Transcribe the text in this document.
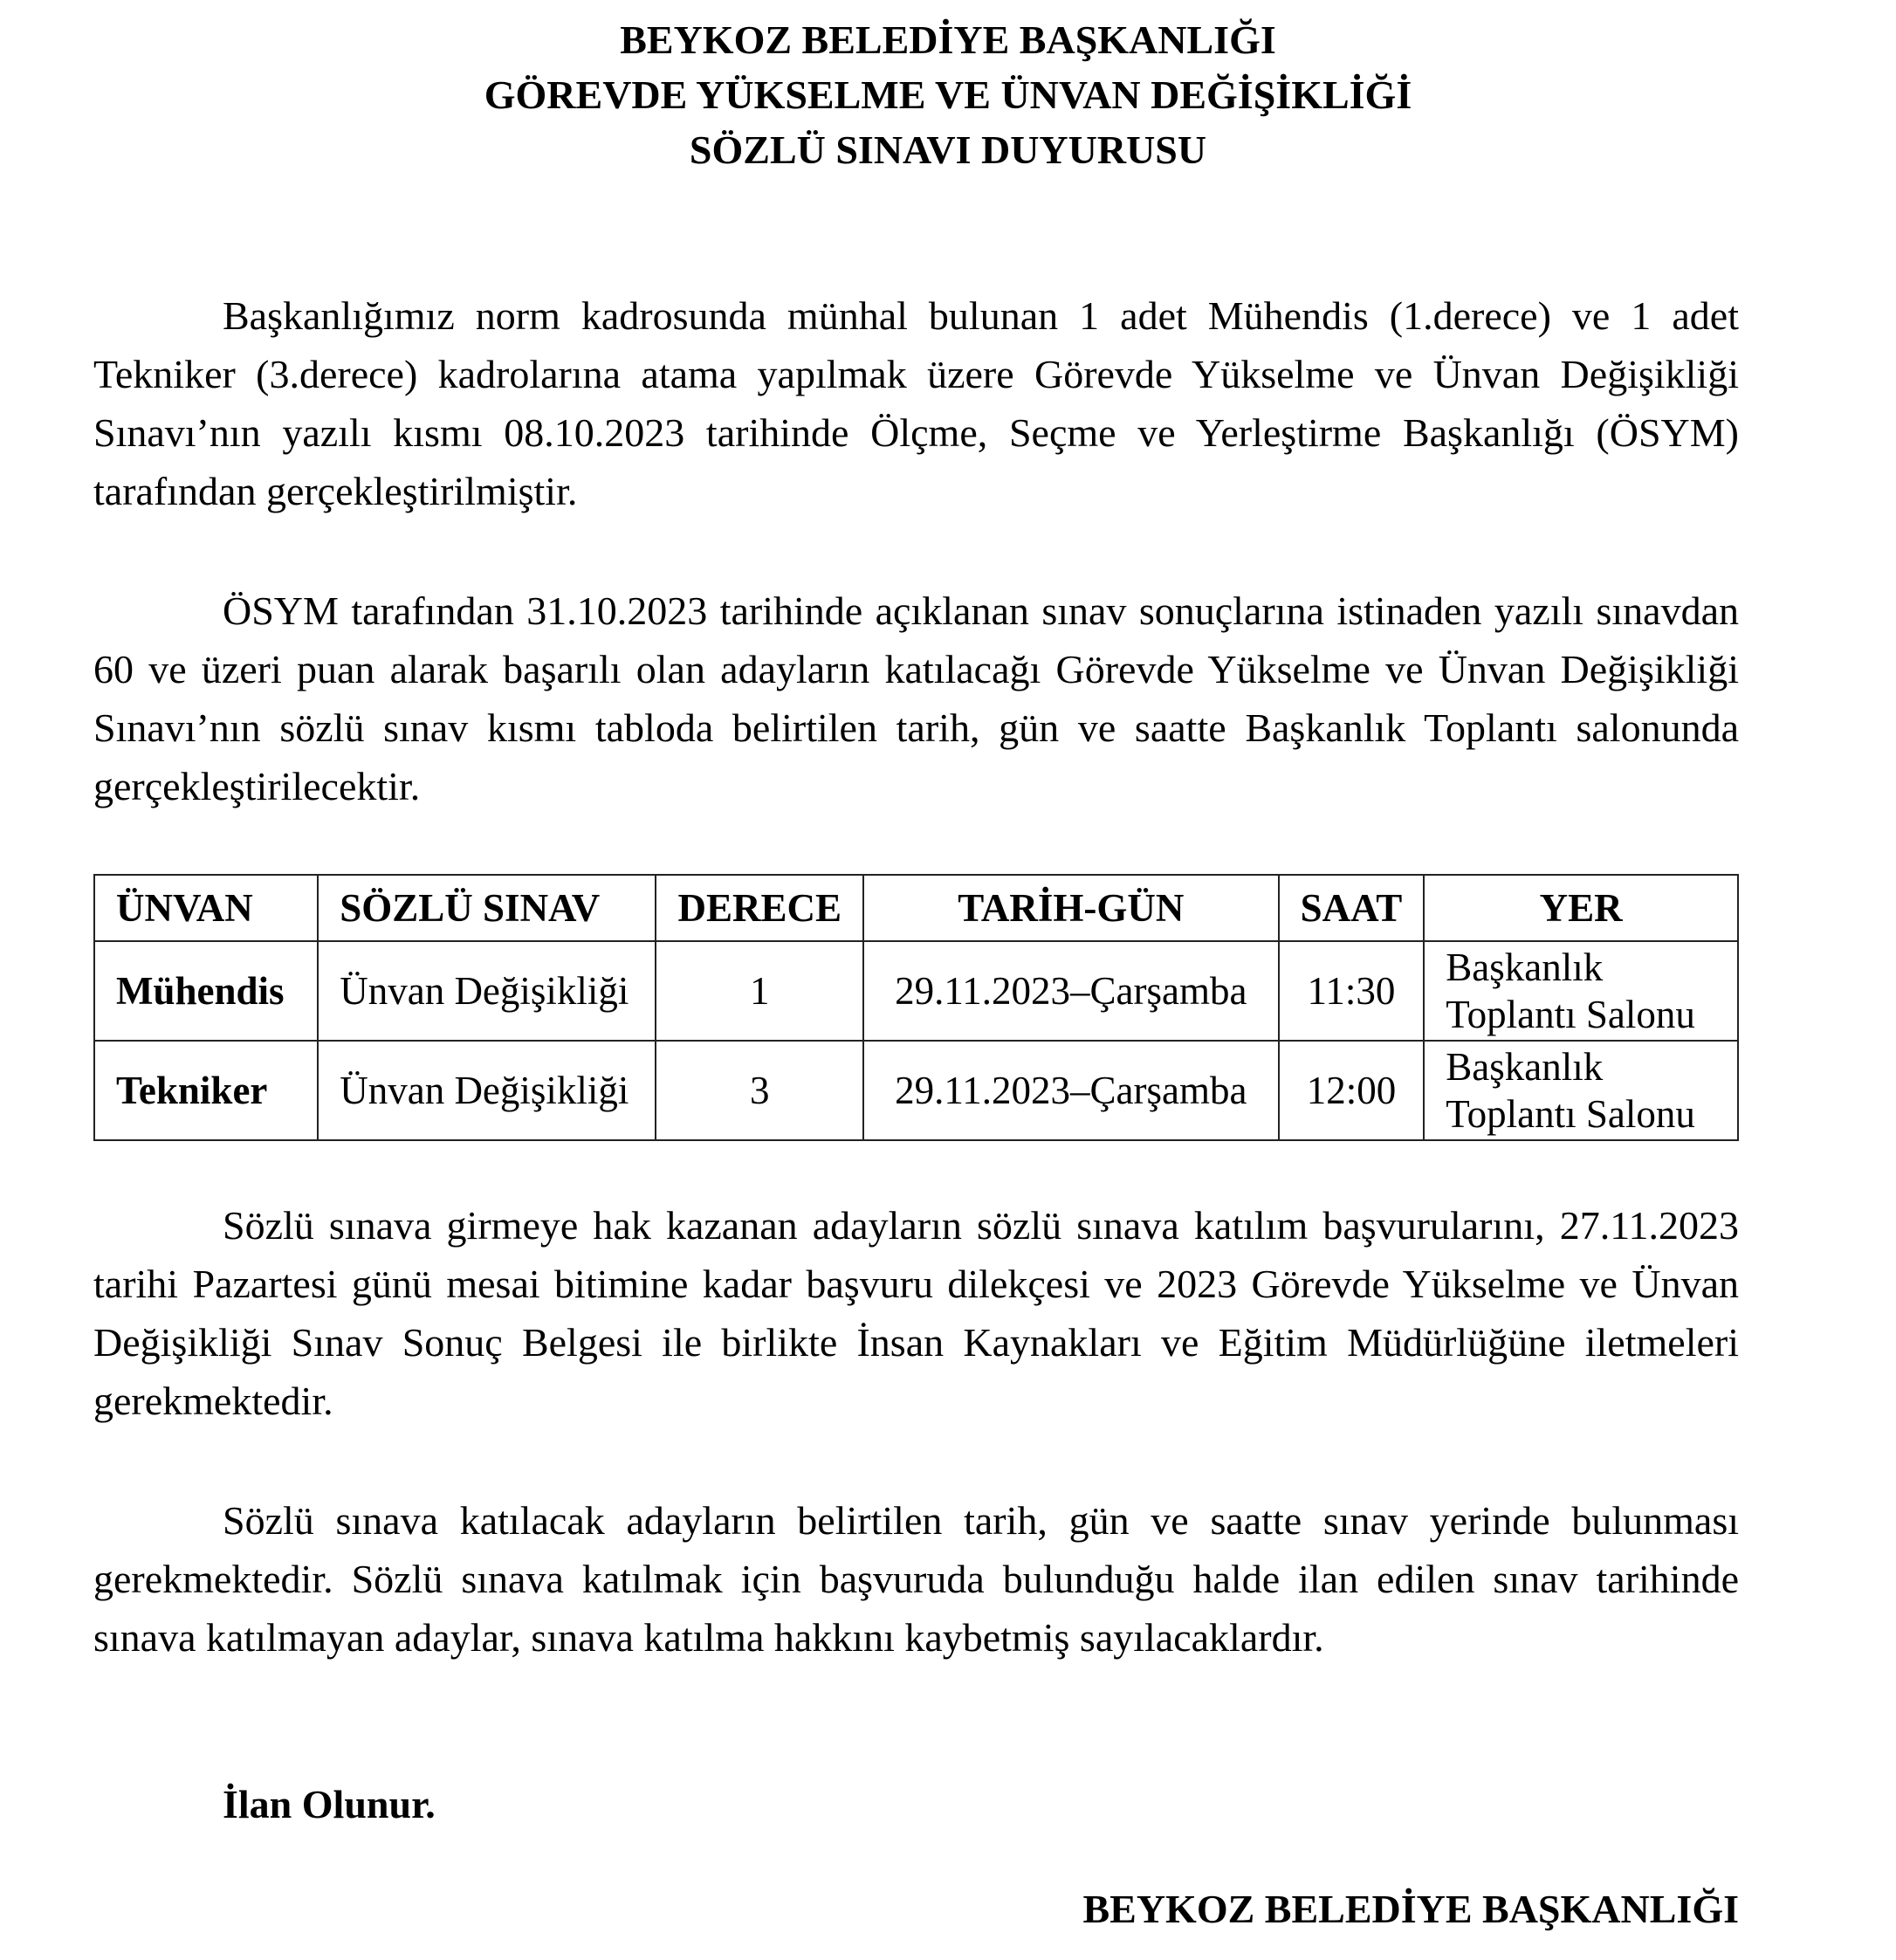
BEYKOZ BELEDİYE BAŞKANLIĞI
GÖREVDE YÜKSELME VE ÜNVAN DEĞİŞİKLİĞİ
SÖZLÜ SINAVI DUYURUSU
Başkanlığımız norm kadrosunda münhal bulunan 1 adet Mühendis (1.derece) ve 1 adet Tekniker (3.derece) kadrolarına atama yapılmak üzere Görevde Yükselme ve Ünvan Değişikliği Sınavı’nın yazılı kısmı 08.10.2023 tarihinde Ölçme, Seçme ve Yerleştirme Başkanlığı (ÖSYM) tarafından gerçekleştirilmiştir.
ÖSYM tarafından 31.10.2023 tarihinde açıklanan sınav sonuçlarına istinaden yazılı sınavdan 60 ve üzeri puan alarak başarılı olan adayların katılacağı Görevde Yükselme ve Ünvan Değişikliği Sınavı’nın sözlü sınav kısmı tabloda belirtilen tarih, gün ve saatte Başkanlık Toplantı salonunda gerçekleştirilecektir.
ÜNVAN	SÖZLÜ SINAV	DERECE	TARİH-GÜN	SAAT	YER
Mühendis	Ünvan Değişikliği	1	29.11.2023–Çarşamba	11:30	Başkanlık Toplantı Salonu
Tekniker	Ünvan Değişikliği	3	29.11.2023–Çarşamba	12:00	Başkanlık Toplantı Salonu
Sözlü sınava girmeye hak kazanan adayların sözlü sınava katılım başvurularını, 27.11.2023 tarihi Pazartesi günü mesai bitimine kadar başvuru dilekçesi ve 2023 Görevde Yükselme ve Ünvan Değişikliği Sınav Sonuç Belgesi ile birlikte İnsan Kaynakları ve Eğitim Müdürlüğüne iletmeleri gerekmektedir.
Sözlü sınava katılacak adayların belirtilen tarih, gün ve saatte sınav yerinde bulunması gerekmektedir. Sözlü sınava katılmak için başvuruda bulunduğu halde ilan edilen sınav tarihinde sınava katılmayan adaylar, sınava katılma hakkını kaybetmiş sayılacaklardır.
İlan Olunur.
BEYKOZ BELEDİYE BAŞKANLIĞI
